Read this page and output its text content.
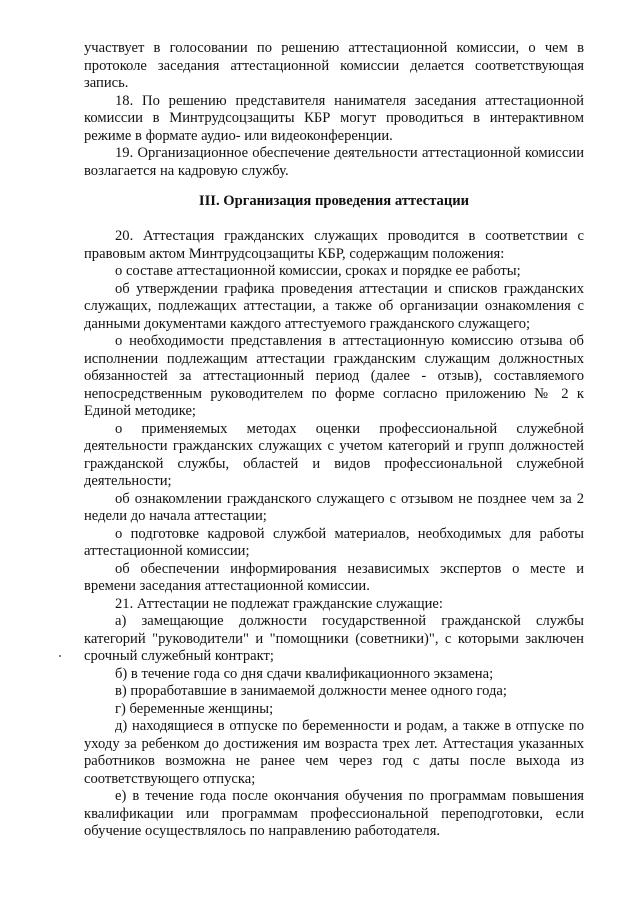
участвует в голосовании по решению аттестационной комиссии, о чем в протоколе заседания аттестационной комиссии делается соответствующая запись.

18. По решению представителя нанимателя заседания аттестационной комиссии в Минтрудсоцзащиты КБР могут проводиться в интерактивном режиме в формате аудио- или видеоконференции.

19. Организационное обеспечение деятельности аттестационной комиссии возлагается на кадровую службу.

III. Организация проведения аттестации

20. Аттестация гражданских служащих проводится в соответствии с правовым актом Минтрудсоцзащиты КБР, содержащим положения:

о составе аттестационной комиссии, сроках и порядке ее работы;

об утверждении графика проведения аттестации и списков гражданских служащих, подлежащих аттестации, а также об организации ознакомления с данными документами каждого аттестуемого гражданского служащего;

о необходимости представления в аттестационную комиссию отзыва об исполнении подлежащим аттестации гражданским служащим должностных обязанностей за аттестационный период (далее - отзыв), составляемого непосредственным руководителем по форме согласно приложению № 2 к Единой методике;

о применяемых методах оценки профессиональной служебной деятельности гражданских служащих с учетом категорий и групп должностей гражданской службы, областей и видов профессиональной служебной деятельности;

об ознакомлении гражданского служащего с отзывом не позднее чем за 2 недели до начала аттестации;

о подготовке кадровой службой материалов, необходимых для работы аттестационной комиссии;

об обеспечении информирования независимых экспертов о месте и времени заседания аттестационной комиссии.

21. Аттестации не подлежат гражданские служащие:

а) замещающие должности государственной гражданской службы категорий "руководители" и "помощники (советники)", с которыми заключен срочный служебный контракт;

б) в течение года со дня сдачи квалификационного экзамена;

в) проработавшие в занимаемой должности менее одного года;

г) беременные женщины;

д) находящиеся в отпуске по беременности и родам, а также в отпуске по уходу за ребенком до достижения им возраста трех лет. Аттестация указанных работников возможна не ранее чем через год с даты после выхода из соответствующего отпуска;

е) в течение года после окончания обучения по программам повышения квалификации или программам профессиональной переподготовки, если обучение осуществлялось по направлению работодателя.
